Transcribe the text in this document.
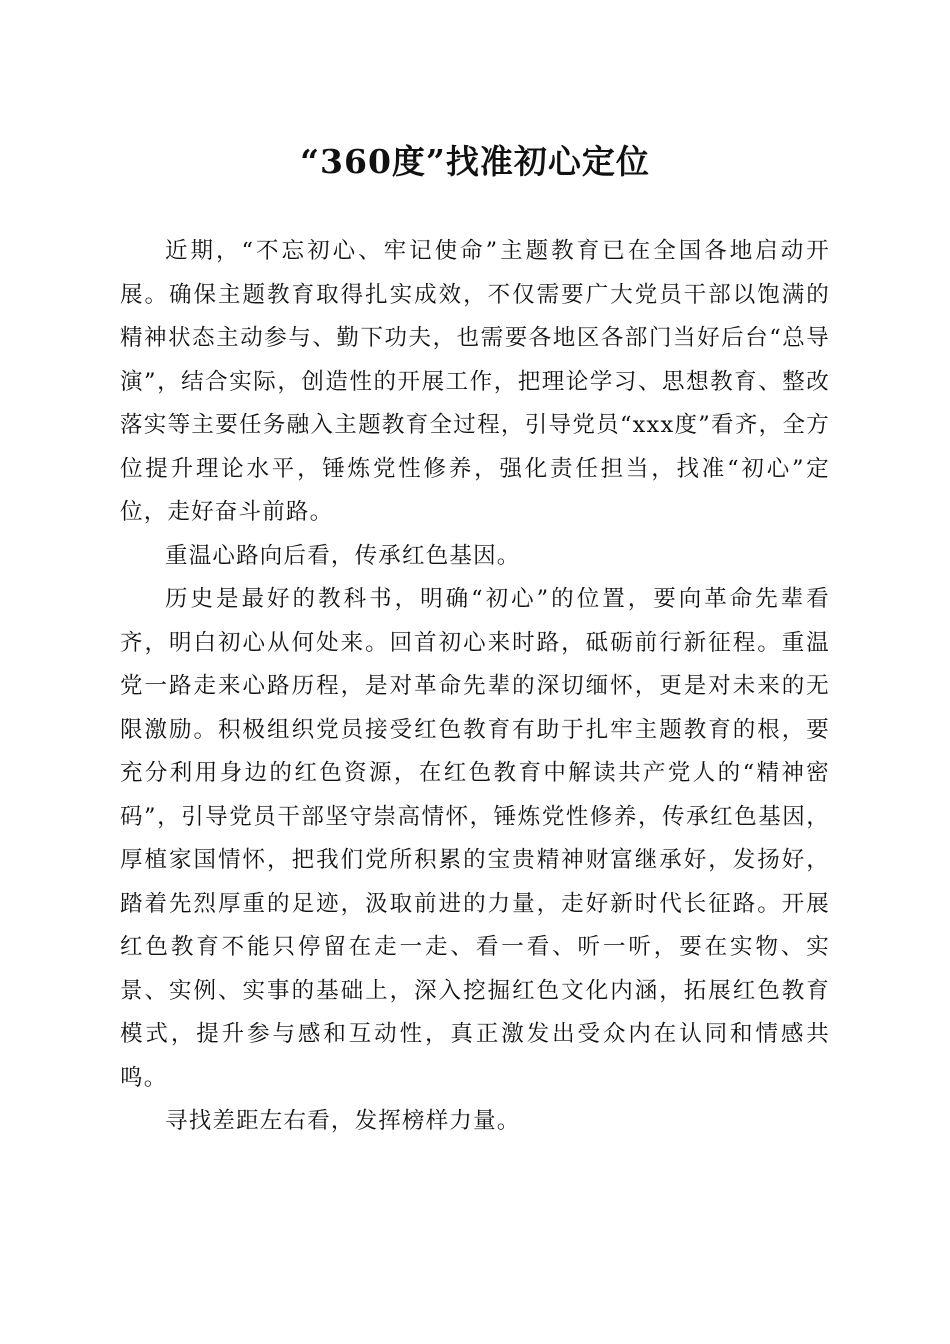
“360度”找准初心定位

近期，“不忘初心、牢记使命”主题教育已在全国各地启动开展。确保主题教育取得扎实成效，不仅需要广大党员干部以饱满的精神状态主动参与、勤下功夫，也需要各地区各部门当好后台“总导演”，结合实际，创造性的开展工作，把理论学习、思想教育、整改落实等主要任务融入主题教育全过程，引导党员“xxx度”看齐，全方位提升理论水平，锤炼党性修养，强化责任担当，找准“初心”定位，走好奋斗前路。

重温心路向后看，传承红色基因。

历史是最好的教科书，明确“初心”的位置，要向革命先辈看齐，明白初心从何处来。回首初心来时路，砥砺前行新征程。重温党一路走来心路历程，是对革命先辈的深切缅怀，更是对未来的无限激励。积极组织党员接受红色教育有助于扎牢主题教育的根，要充分利用身边的红色资源，在红色教育中解读共产党人的“精神密码”，引导党员干部坚守崇高情怀，锤炼党性修养，传承红色基因，厚植家国情怀，把我们党所积累的宝贵精神财富继承好，发扬好，踏着先烈厚重的足迹，汲取前进的力量，走好新时代长征路。开展红色教育不能只停留在走一走、看一看、听一听，要在实物、实景、实例、实事的基础上，深入挖掘红色文化内涵，拓展红色教育模式，提升参与感和互动性，真正激发出受众内在认同和情感共鸣。

寻找差距左右看，发挥榜样力量。
